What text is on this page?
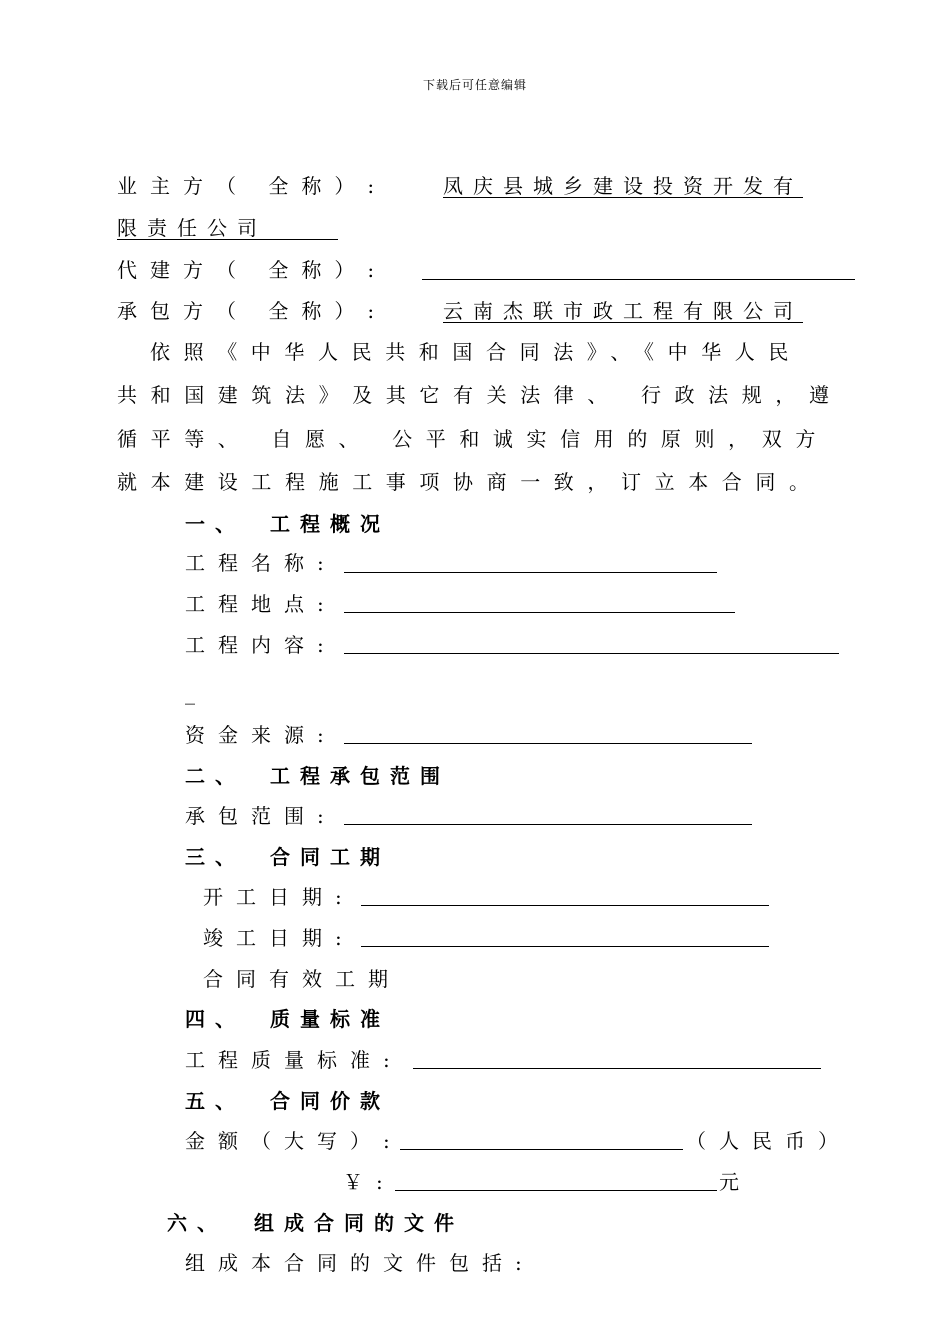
下载后可任意编辑
业主方（ 全称）:	凤庆县城乡建设投资开发有
限责任公司
代建方（ 全称）:
承包方（ 全称）:	云南杰联市政工程有限公司
依照《中华人民共和国合同法》、《中华人民
共和国建筑法》及其它有关法律、 行政法规，遵
循平等、 自愿、 公平和诚实信用的原则，双方
就本建设工程施工事项协商一致，订立本合同。
一、 工程概况
工程名称:
工程地点:
工程内容:
_
资金来源:
二、 工程承包范围
承包范围:
三、 合同工期
开工日期:
竣工日期:
合同有效工期
四、 质量标准
工程质量标准:
五、 合同价款
金额（大写）:	（人民币）
￥:	元
六、 组成合同的文件
组成本合同的文件包括:
